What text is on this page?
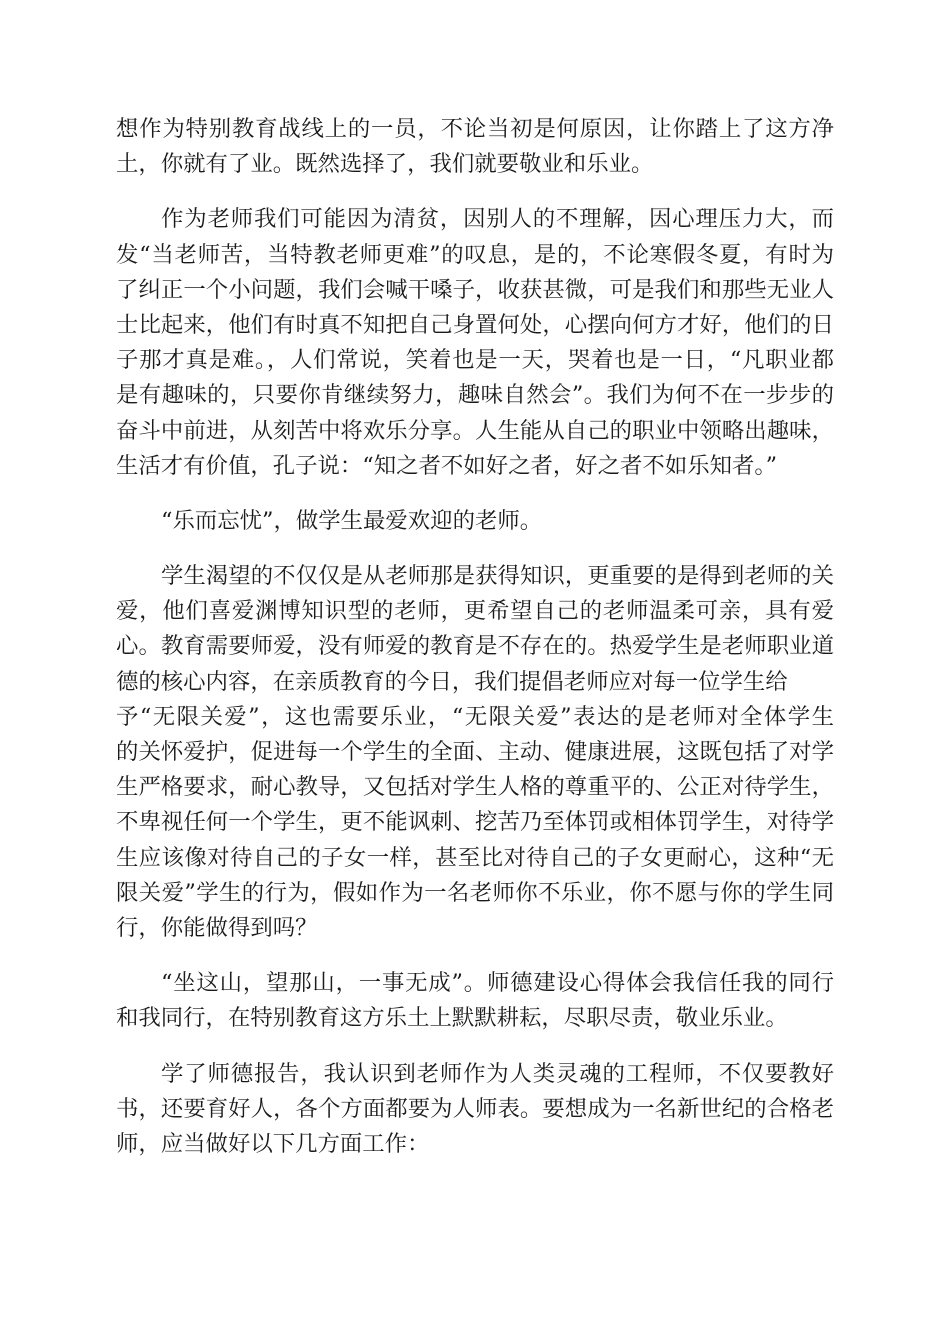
想作为特别教育战线上的一员，不论当初是何原因，让你踏上了这方净
土，你就有了业。既然选择了，我们就要敬业和乐业。
作为老师我们可能因为清贫，因别人的不理解，因心理压力大，而
发“当老师苦，当特教老师更难”的叹息，是的，不论寒假冬夏，有时为
了纠正一个小问题，我们会喊干嗓子，收获甚微，可是我们和那些无业人
士比起来，他们有时真不知把自己身置何处，心摆向何方才好，他们的日
子那才真是难。，人们常说，笑着也是一天，哭着也是一日，“凡职业都
是有趣味的，只要你肯继续努力，趣味自然会”。我们为何不在一步步的
奋斗中前进，从刻苦中将欢乐分享。人生能从自己的职业中领略出趣味，
生活才有价值，孔子说：“知之者不如好之者，好之者不如乐知者。”
“乐而忘忧”，做学生最爱欢迎的老师。
学生渴望的不仅仅是从老师那是获得知识，更重要的是得到老师的关
爱，他们喜爱渊博知识型的老师，更希望自己的老师温柔可亲，具有爱
心。教育需要师爱，没有师爱的教育是不存在的。热爱学生是老师职业道
德的核心内容，在亲质教育的今日，我们提倡老师应对每一位学生给
予“无限关爱”，这也需要乐业，“无限关爱”表达的是老师对全体学生
的关怀爱护，促进每一个学生的全面、主动、健康进展，这既包括了对学
生严格要求，耐心教导，又包括对学生人格的尊重平的、公正对待学生，
不卑视任何一个学生，更不能讽刺、挖苦乃至体罚或相体罚学生，对待学
生应该像对待自己的子女一样，甚至比对待自己的子女更耐心，这种“无
限关爱”学生的行为，假如作为一名老师你不乐业，你不愿与你的学生同
行，你能做得到吗？
“坐这山，望那山，一事无成”。师德建设心得体会我信任我的同行
和我同行，在特别教育这方乐土上默默耕耘，尽职尽责，敬业乐业。
学了师德报告，我认识到老师作为人类灵魂的工程师，不仅要教好
书，还要育好人，各个方面都要为人师表。要想成为一名新世纪的合格老
师，应当做好以下几方面工作：
